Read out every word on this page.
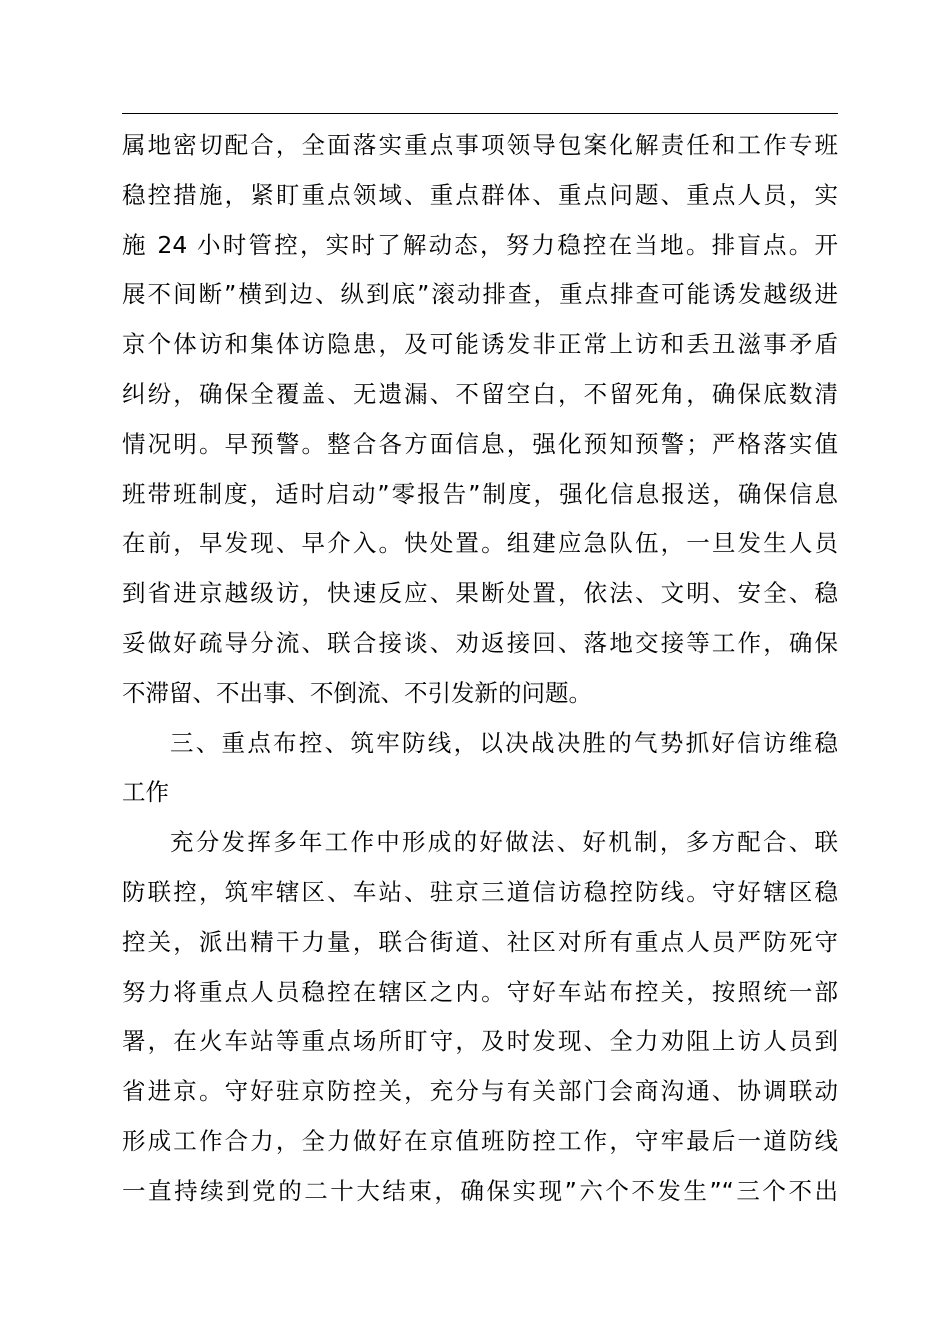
属地密切配合，全面落实重点事项领导包案化解责任和工作专班
稳控措施，紧盯重点领域、重点群体、重点问题、重点人员，实
施 24 小时管控，实时了解动态，努力稳控在当地。排盲点。开
展不间断”横到边、纵到底”滚动排查，重点排查可能诱发越级进
京个体访和集体访隐患，及可能诱发非正常上访和丢丑滋事矛盾
纠纷，确保全覆盖、无遗漏、不留空白，不留死角，确保底数清
情况明。早预警。整合各方面信息，强化预知预警；严格落实值
班带班制度，适时启动”零报告”制度，强化信息报送，确保信息
在前，早发现、早介入。快处置。组建应急队伍，一旦发生人员
到省进京越级访，快速反应、果断处置，依法、文明、安全、稳
妥做好疏导分流、联合接谈、劝返接回、落地交接等工作，确保
不滞留、不出事、不倒流、不引发新的问题。
三、重点布控、筑牢防线，以决战决胜的气势抓好信访维稳
工作
充分发挥多年工作中形成的好做法、好机制，多方配合、联
防联控，筑牢辖区、车站、驻京三道信访稳控防线。守好辖区稳
控关，派出精干力量，联合街道、社区对所有重点人员严防死守
努力将重点人员稳控在辖区之内。守好车站布控关，按照统一部
署，在火车站等重点场所盯守，及时发现、全力劝阻上访人员到
省进京。守好驻京防控关，充分与有关部门会商沟通、协调联动
形成工作合力，全力做好在京值班防控工作，守牢最后一道防线
一直持续到党的二十大结束，确保实现”六个不发生”“三个不出
